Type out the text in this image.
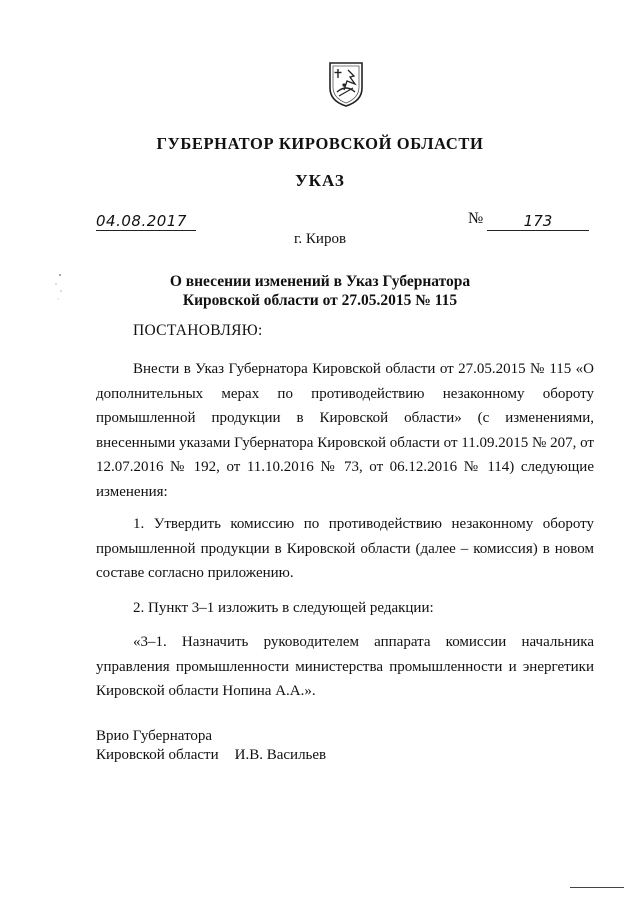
ГУБЕРНАТОР КИРОВСКОЙ ОБЛАСТИ
УКАЗ
04.08.2017	№	173
г. Киров
О внесении изменений в Указ Губернатора
Кировской области от 27.05.2015 № 115
ПОСТАНОВЛЯЮ:

Внести в Указ Губернатора Кировской области от 27.05.2015 № 115 «О дополнительных мерах по противодействию незаконному обороту промышленной продукции в Кировской области» (с изменениями, внесенными указами Губернатора Кировской области от 11.09.2015 № 207, от 12.07.2016 № 192, от 11.10.2016 № 73, от 06.12.2016 № 114) следующие изменения:

1. Утвердить комиссию по противодействию незаконному обороту промышленной продукции в Кировской области (далее – комиссия) в новом составе согласно приложению.

2. Пункт 3–1 изложить в следующей редакции:

«3–1. Назначить руководителем аппарата комиссии начальника управления промышленности министерства промышленности и энергетики Кировской области Нопина А.А.».

Врио Губернатора
Кировской области И.В. Васильев
